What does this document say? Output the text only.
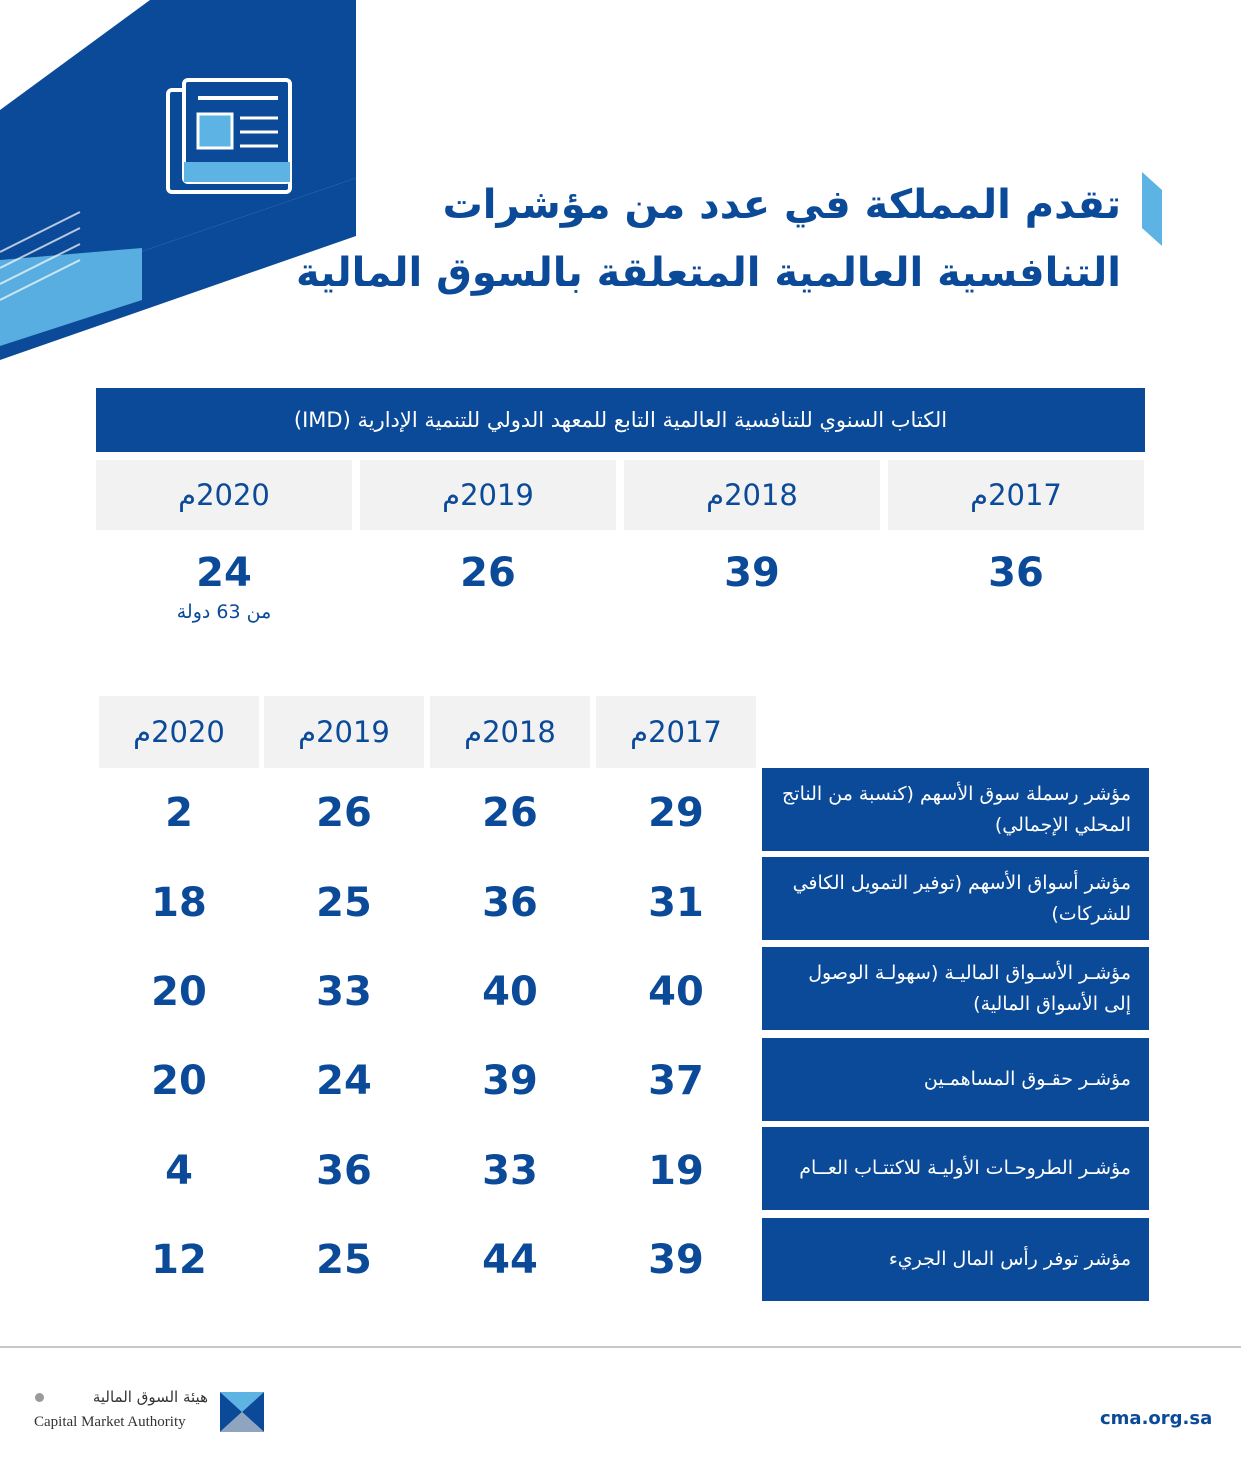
تقدم المملكة في عدد من مؤشرات
التنافسية العالمية المتعلقة بالسوق المالية
الكتاب السنوي للتنافسية العالمية التابع للمعهد الدولي للتنمية الإدارية (IMD)
2017م
2018م
2019م
2020م
36
39
26
24
من 63 دولة
2017م
2018م
2019م
2020م
مؤشر رسملة سوق الأسهم (كنسبة من الناتج المحلي الإجمالي)
29
26
26
2
مؤشر أسواق الأسهم (توفير التمويل الكافي للشركات)
31
36
25
18
مؤشـر الأسـواق الماليـة (سهولـة الوصول إلى الأسواق المالية)
40
40
33
20
مؤشـر حقـوق المساهمـين
37
39
24
20
مؤشـر الطروحـات الأوليـة للاكتتـاب العــام
19
33
36
4
مؤشر توفر رأس المال الجريء
39
44
25
12
هيئة السوق المالية
Capital Market Authority	cma.org.sa
